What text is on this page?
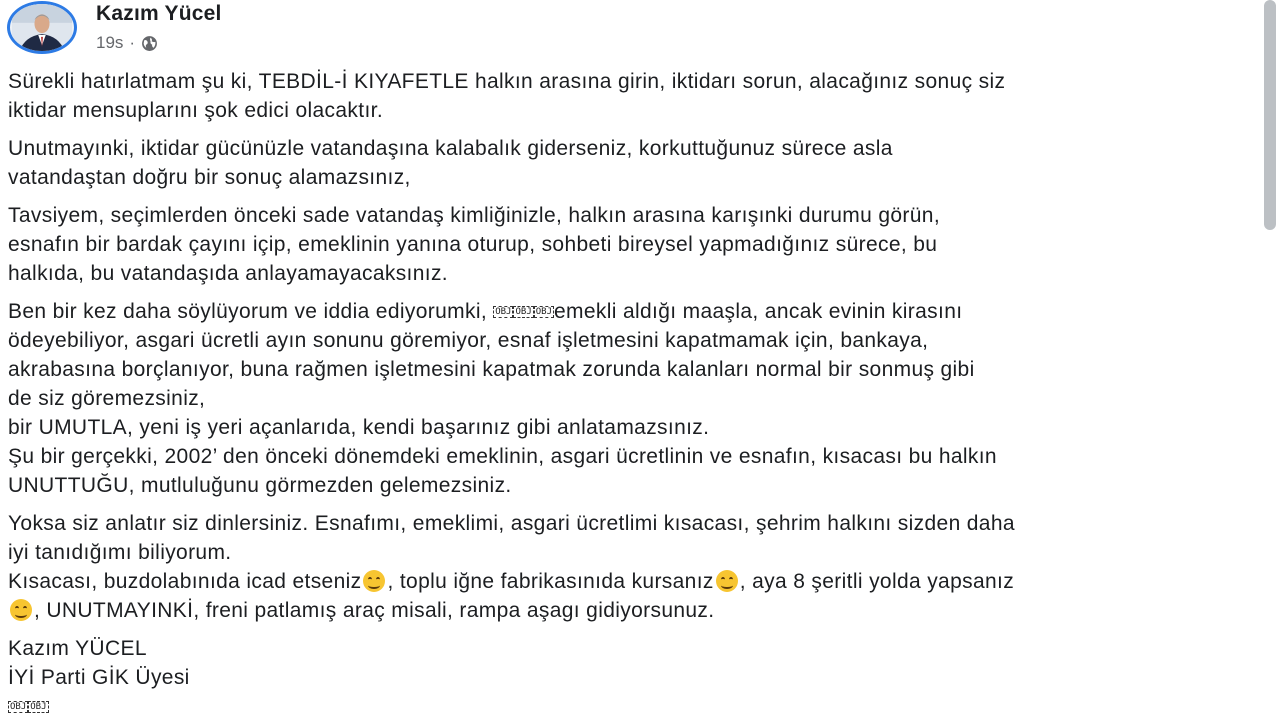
Kazım Yücel
19s ·
Sürekli hatırlatmam şu ki, TEBDİL-İ KIYAFETLE halkın arasına girin, iktidarı sorun, alacağınız sonuç siz
iktidar mensuplarını şok edici olacaktır.
Unutmayınki, iktidar gücünüzle vatandaşına kalabalık giderseniz, korkuttuğunuz sürece asla
vatandaştan doğru bir sonuç alamazsınız,
Tavsiyem, seçimlerden önceki sade vatandaş kimliğinizle, halkın arasına karışınki durumu görün,
esnafın bir bardak çayını içip, emeklinin yanına oturup, sohbeti bireysel yapmadığınız sürece, bu
halkıda, bu vatandaşıda anlayamayacaksınız.
Ben bir kez daha söylüyorum ve iddia ediyorumki, OBJ OBJ OBJemekli aldığı maaşla, ancak evinin kirasını
ödeyebiliyor, asgari ücretli ayın sonunu göremiyor, esnaf işletmesini kapatmamak için, bankaya,
akrabasına borçlanıyor, buna rağmen işletmesini kapatmak zorunda kalanları normal bir sonmuş gibi
de siz göremezsiniz,
bir UMUTLA, yeni iş yeri açanlarıda, kendi başarınız gibi anlatamazsınız.
Şu bir gerçekki, 2002’ den önceki dönemdeki emeklinin, asgari ücretlinin ve esnafın, kısacası bu halkın
UNUTTUĞU, mutluluğunu görmezden gelemezsiniz.
Yoksa siz anlatır siz dinlersiniz. Esnafımı, emeklimi, asgari ücretlimi kısacası, şehrim halkını sizden daha
iyi tanıdığımı biliyorum.
Kısacası, buzdolabınıda icad etseniz , toplu iğne fabrikasınıda kursanız , aya 8 şeritli yolda yapsanız
, UNUTMAYINKİ, freni patlamış araç misali, rampa aşagı gidiyorsunuz.
Kazım YÜCEL
İYİ Parti GİK Üyesi
OBJ OBJ
